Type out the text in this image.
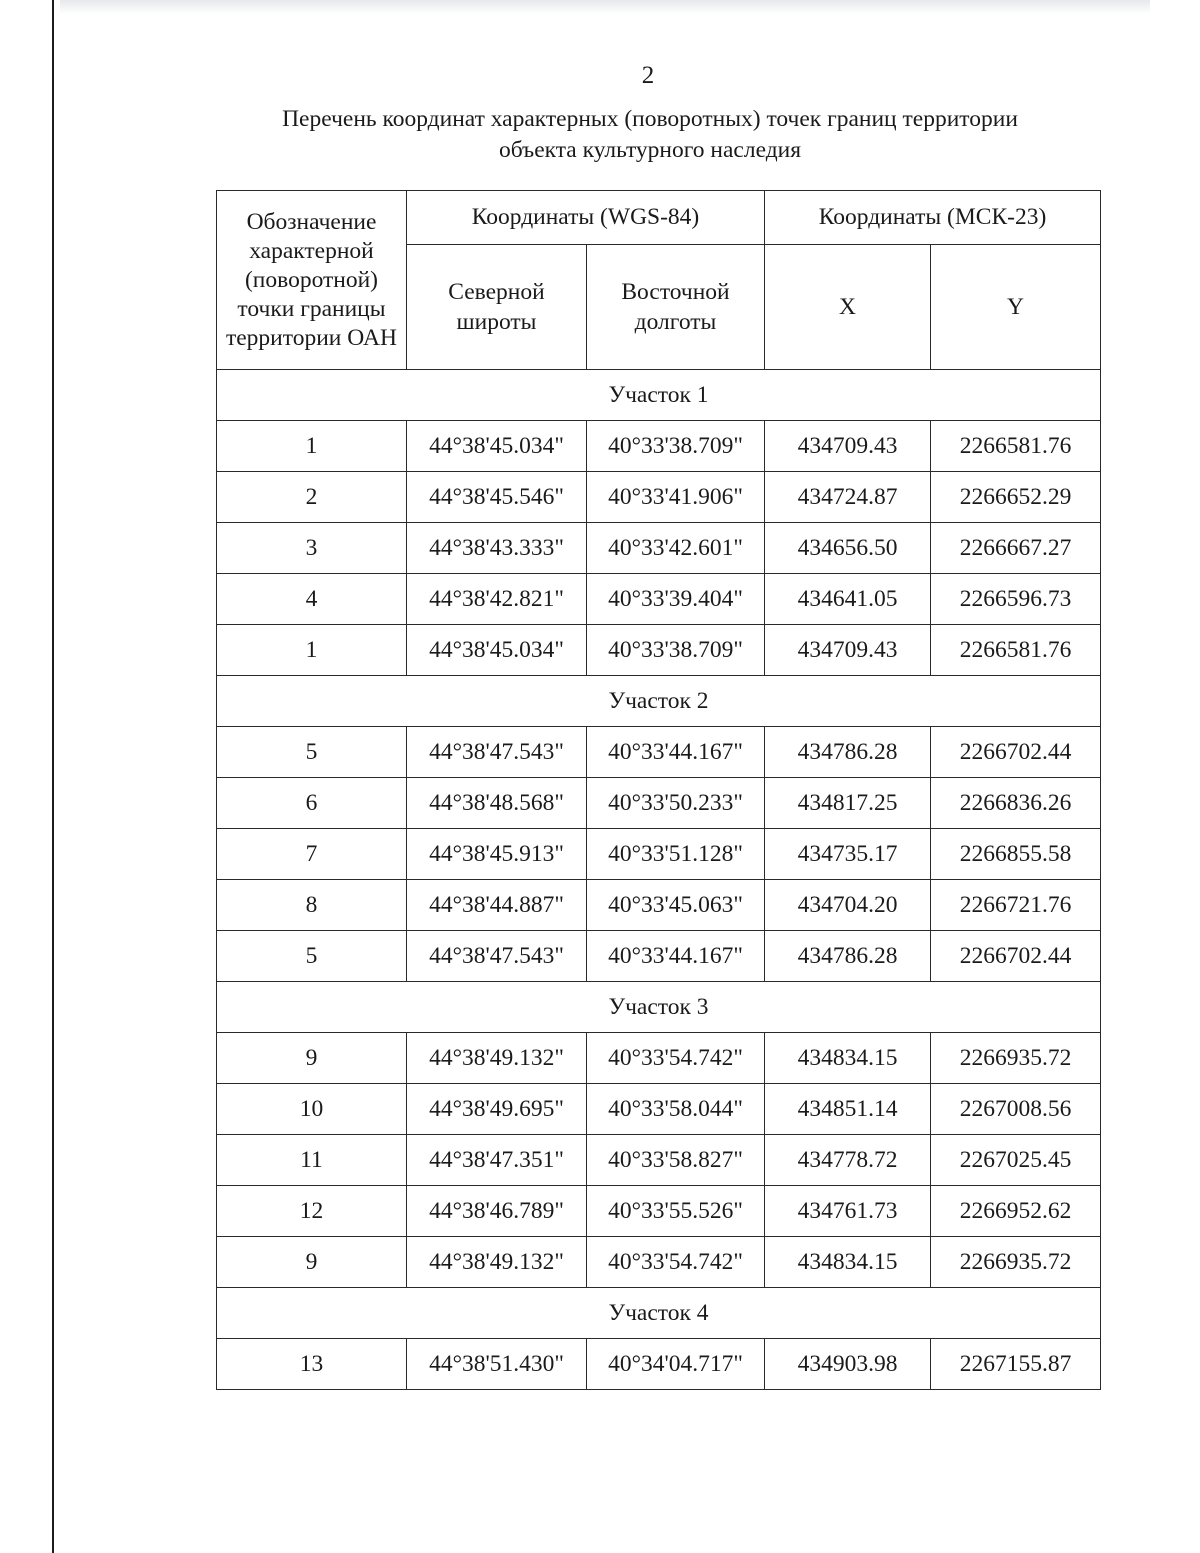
2
Перечень координат характерных (поворотных) точек границ территории
объекта культурного наследия
Обозначение характерной (поворотной) точки границы территории ОАН	Координаты (WGS-84)		Координаты (МСК-23)	
	Северной широты	Восточной долготы	X	Y
Участок 1				
1	44°38'45.034"	40°33'38.709"	434709.43	2266581.76
2	44°38'45.546"	40°33'41.906"	434724.87	2266652.29
3	44°38'43.333"	40°33'42.601"	434656.50	2266667.27
4	44°38'42.821"	40°33'39.404"	434641.05	2266596.73
1	44°38'45.034"	40°33'38.709"	434709.43	2266581.76
Участок 2				
5	44°38'47.543"	40°33'44.167"	434786.28	2266702.44
6	44°38'48.568"	40°33'50.233"	434817.25	2266836.26
7	44°38'45.913"	40°33'51.128"	434735.17	2266855.58
8	44°38'44.887"	40°33'45.063"	434704.20	2266721.76
5	44°38'47.543"	40°33'44.167"	434786.28	2266702.44
Участок 3				
9	44°38'49.132"	40°33'54.742"	434834.15	2266935.72
10	44°38'49.695"	40°33'58.044"	434851.14	2267008.56
11	44°38'47.351"	40°33'58.827"	434778.72	2267025.45
12	44°38'46.789"	40°33'55.526"	434761.73	2266952.62
9	44°38'49.132"	40°33'54.742"	434834.15	2266935.72
Участок 4				
13	44°38'51.430"	40°34'04.717"	434903.98	2267155.87
